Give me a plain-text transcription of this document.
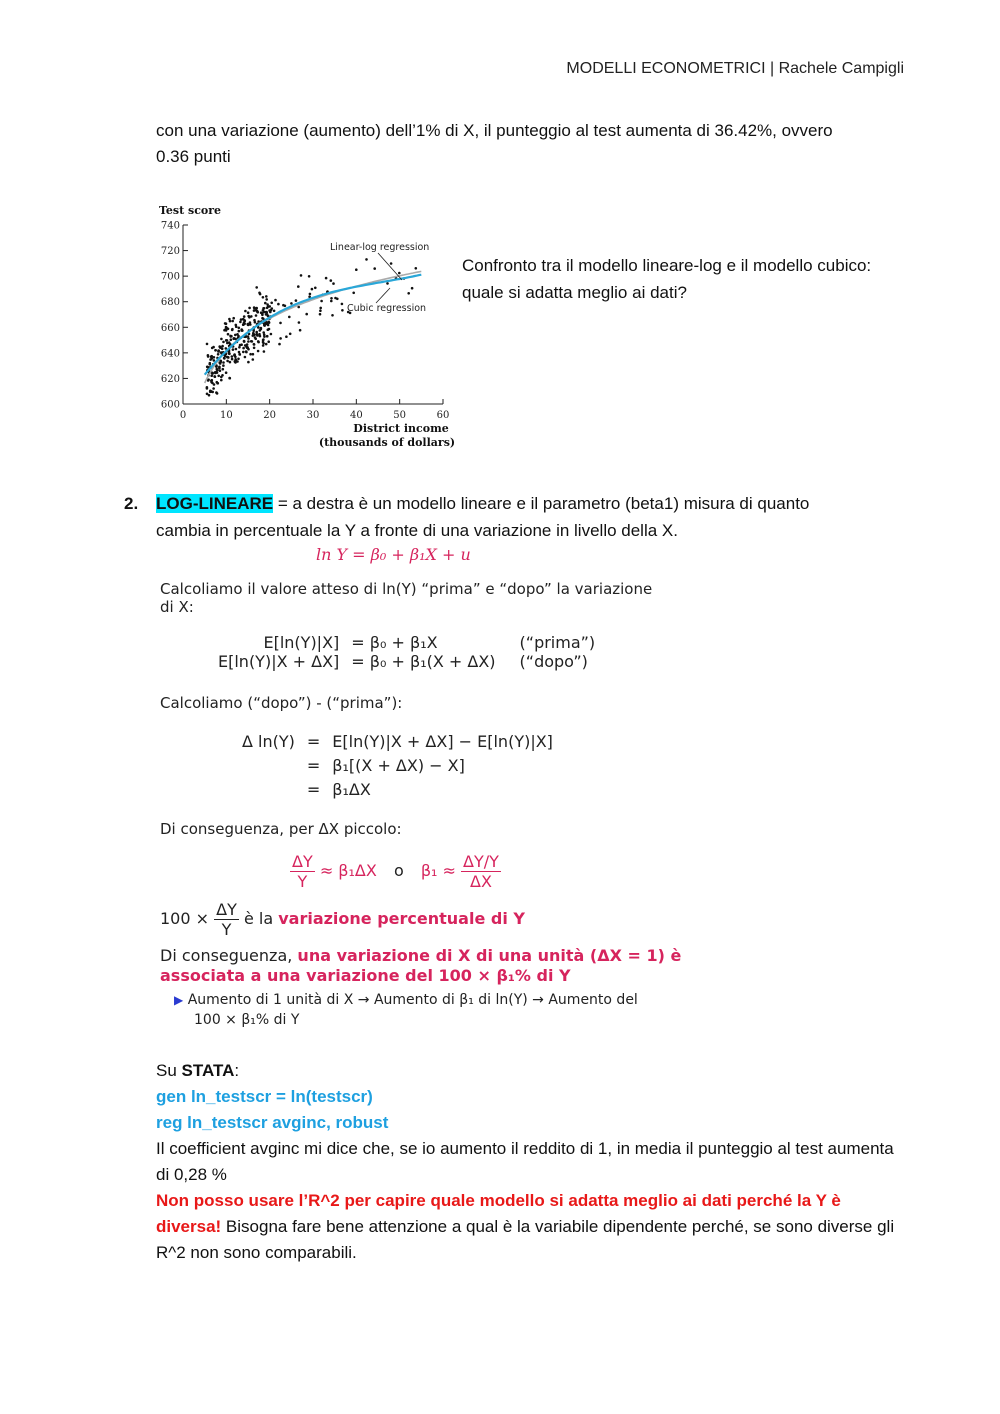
MODELLI ECONOMETRICI | Rachele Campigli
con una variazione (aumento) dell’1% di X, il punteggio al test aumenta di 36.42%, ovvero
0.36 punti
Test score
600
620
640
660
680
700
720
740
0	10	20	30	40	50	60
District income
(thousands of dollars)
Linear-log regression
Cubic regression
Confronto tra il modello lineare-log e il modello cubico: quale si adatta meglio ai dati?
2. LOG-LINEARE = a destra è un modello lineare e il parametro (beta1) misura di quanto
cambia in percentuale la Y a fronte di una variazione in livello della X.
ln Y = β₀ + β₁X + u
Calcoliamo il valore atteso di ln(Y) “prima” e “dopo” la variazione
di X:
E[ln(Y)|X]	= β₀ + β₁X	(“prima”)
E[ln(Y)|X + ΔX]	= β₀ + β₁(X + ΔX)	(“dopo”)
Calcoliamo (“dopo”) - (“prima”):
Δ ln(Y)	=	E[ln(Y)|X + ΔX] − E[ln(Y)|X]
	=	β₁[(X + ΔX) − X]
	=	β₁ΔX
Di conseguenza, per ΔX piccolo:
$\frac{\Delta Y}{Y} \approx \beta_1\Delta X$ o $\beta_1 \approx \frac{\Delta Y/Y}{\Delta X}$
$100 \times \frac{\Delta Y}{Y}$ è la variazione percentuale di Y
Di conseguenza, una variazione di X di una unità (ΔX = 1) è
associata a una variazione del 100 × β₁% di Y
▶ Aumento di 1 unità di X → Aumento di β₁ di ln(Y) → Aumento del
100 × β₁% di Y
Su STATA:
gen ln_testscr = ln(testscr)
reg ln_testscr avginc, robust
Il coefficient avginc mi dice che, se io aumento il reddito di 1, in media il punteggio al test aumenta di 0,28 %
Non posso usare l’R^2 per capire quale modello si adatta meglio ai dati perché la Y è diversa! Bisogna fare bene attenzione a qual è la variabile dipendente perché, se sono diverse gli R^2 non sono comparabili.
